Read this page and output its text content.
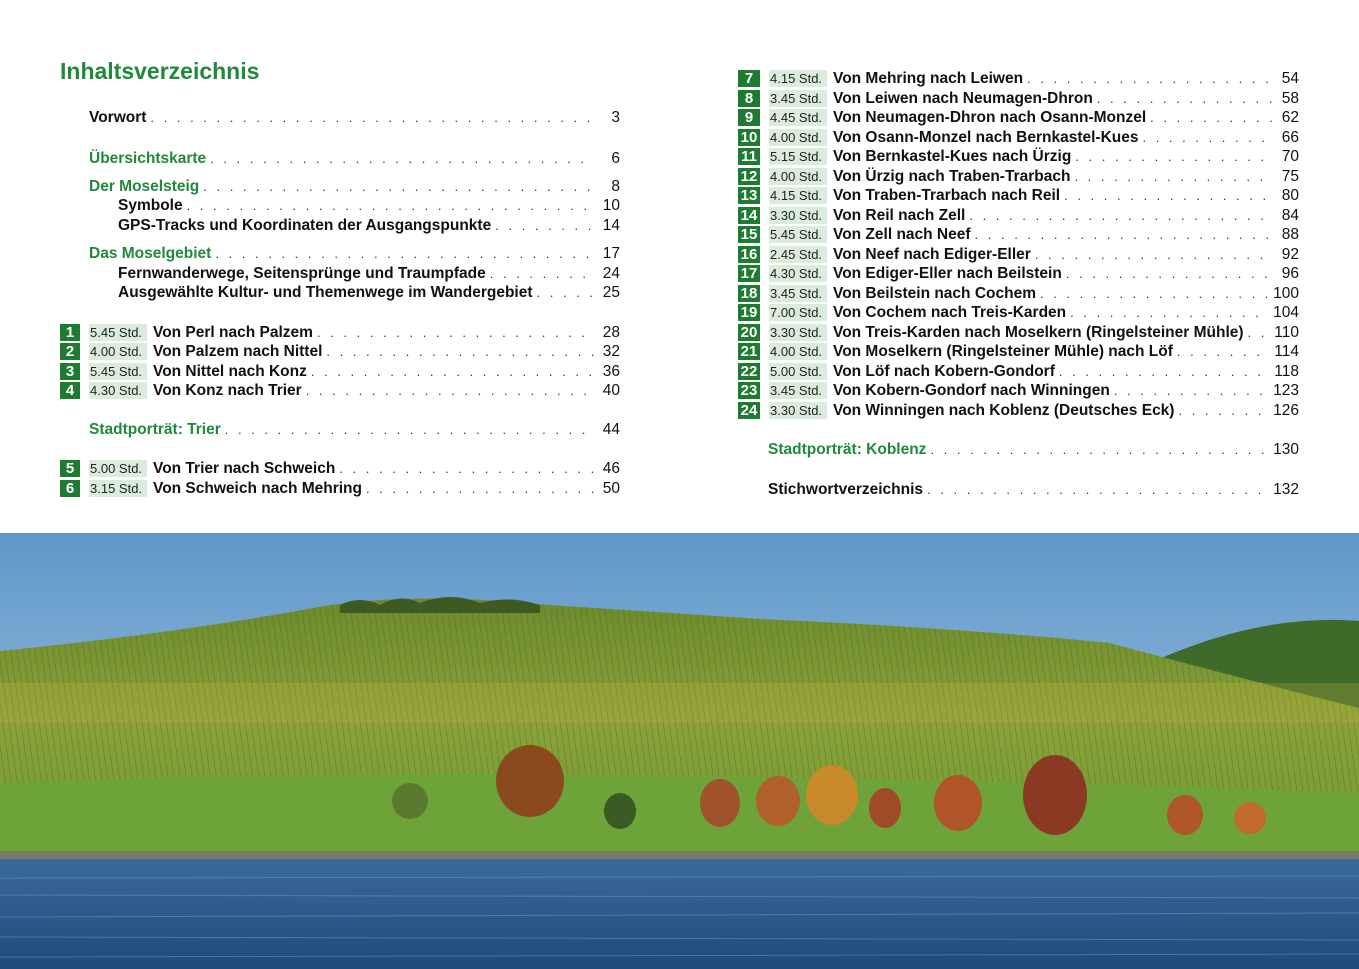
Inhaltsverzeichnis
Vorwort . . .	3
Übersichtskarte . . .	6
Der Moselsteig . . .	8
Symbole . . .	10
GPS-Tracks und Koordinaten der Ausgangspunkte . . .	14
Das Moselgebiet . . .	17
Fernwanderwege, Seitensprünge und Traumpfade . . .	24
Ausgewählte Kultur- und Themenwege im Wandergebiet . . .	25
1	5.45 Std. Von Perl nach Palzem . . .	28
2	4.00 Std. Von Palzem nach Nittel . . .	32
3	5.45 Std. Von Nittel nach Konz . . .	36
4	4.30 Std. Von Konz nach Trier . . .	40
Stadtporträt: Trier . . .	44
5	5.00 Std. Von Trier nach Schweich . . .	46
6	3.15 Std. Von Schweich nach Mehring . . .	50
7	4.15 Std. Von Mehring nach Leiwen . . .	54
8	3.45 Std. Von Leiwen nach Neumagen-Dhron . . .	58
9	4.45 Std. Von Neumagen-Dhron nach Osann-Monzel . . .	62
10 4.00 Std. Von Osann-Monzel nach Bernkastel-Kues . . .	66
11 5.15 Std. Von Bernkastel-Kues nach Ürzig . . .	70
12 4.00 Std. Von Ürzig nach Traben-Trarbach . . .	75
13 4.15 Std. Von Traben-Trarbach nach Reil . . .	80
14 3.30 Std. Von Reil nach Zell . . .	84
15 5.45 Std. Von Zell nach Neef . . .	88
16 2.45 Std. Von Neef nach Ediger-Eller . . .	92
17 4.30 Std. Von Ediger-Eller nach Beilstein . . .	96
18 3.45 Std. Von Beilstein nach Cochem . . .	100
19 7.00 Std. Von Cochem nach Treis-Karden . . .	104
20 3.30 Std. Von Treis-Karden nach Moselkern (Ringelsteiner Mühle) . . . 110
21 4.00 Std. Von Moselkern (Ringelsteiner Mühle) nach Löf . . .	114
22 5.00 Std. Von Löf nach Kobern-Gondorf . . .	118
23 3.45 Std. Von Kobern-Gondorf nach Winningen . . .	123
24 3.30 Std. Von Winningen nach Koblenz (Deutsches Eck) . . .	126
Stadtporträt: Koblenz . . .	130
Stichwortverzeichnis . . .	132
